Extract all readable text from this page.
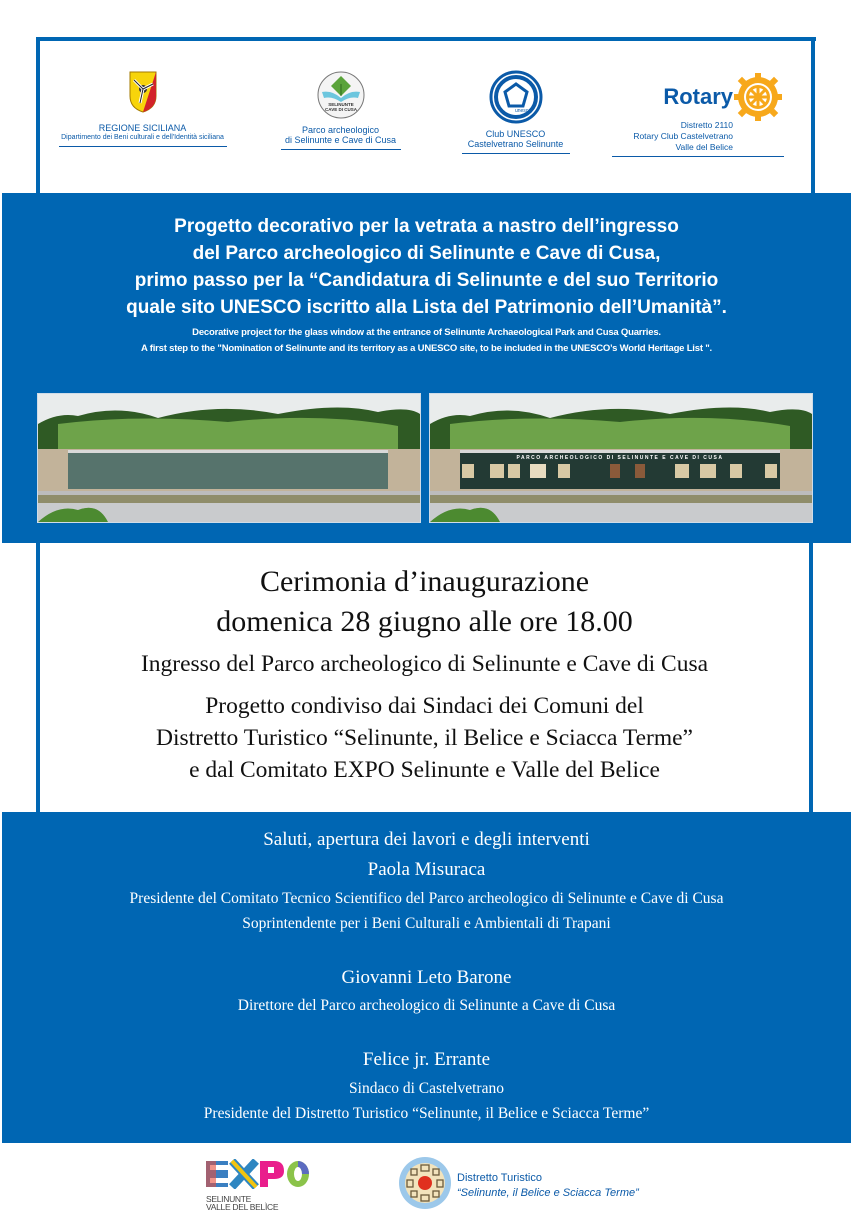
REGIONE SICILIANA
Dipartimento dei Beni culturali e dell'Identità siciliana
SELINUNTE
CAVE DI CUSA
Parco archeologico
di Selinunte e Cave di Cusa
unesco
Club UNESCO
Castelvetrano Selinunte
Rotary
Distretto 2110
Rotary Club Castelvetrano
Valle del Belice
Progetto decorativo per la vetrata a nastro dell’ingresso
del Parco archeologico di Selinunte e Cave di Cusa,
primo passo per la “Candidatura di Selinunte e del suo Territorio
quale sito UNESCO iscritto alla Lista del Patrimonio dell’Umanità”.
Decorative project for the glass window at the entrance of Selinunte Archaeological Park and Cusa Quarries.
A first step to the "Nomination of Selinunte and its territory as a UNESCO site, to be included in the UNESCO’s World Heritage List ".
PARCO ARCHEOLOGICO DI SELINUNTE E CAVE DI CUSA
Cerimonia d’inaugurazione
domenica 28 giugno alle ore 18.00
Ingresso del Parco archeologico di Selinunte e Cave di Cusa
Progetto condiviso dai Sindaci dei Comuni del
Distretto Turistico “Selinunte, il Belice e Sciacca Terme”
e dal Comitato EXPO Selinunte e Valle del Belice
Saluti, apertura dei lavori e degli interventi
Paola Misuraca
Presidente del Comitato Tecnico Scientifico del Parco archeologico di Selinunte e Cave di Cusa
Soprintendente per i Beni Culturali e Ambientali di Trapani
Giovanni Leto Barone
Direttore del Parco archeologico di Selinunte a Cave di Cusa
Felice jr. Errante
Sindaco di Castelvetrano
Presidente del Distretto Turistico “Selinunte, il Belice e Sciacca Terme”
SELINUNTE
VALLE DEL BELÌCE
Distretto Turistico
“Selinunte, il Belice e Sciacca Terme”
